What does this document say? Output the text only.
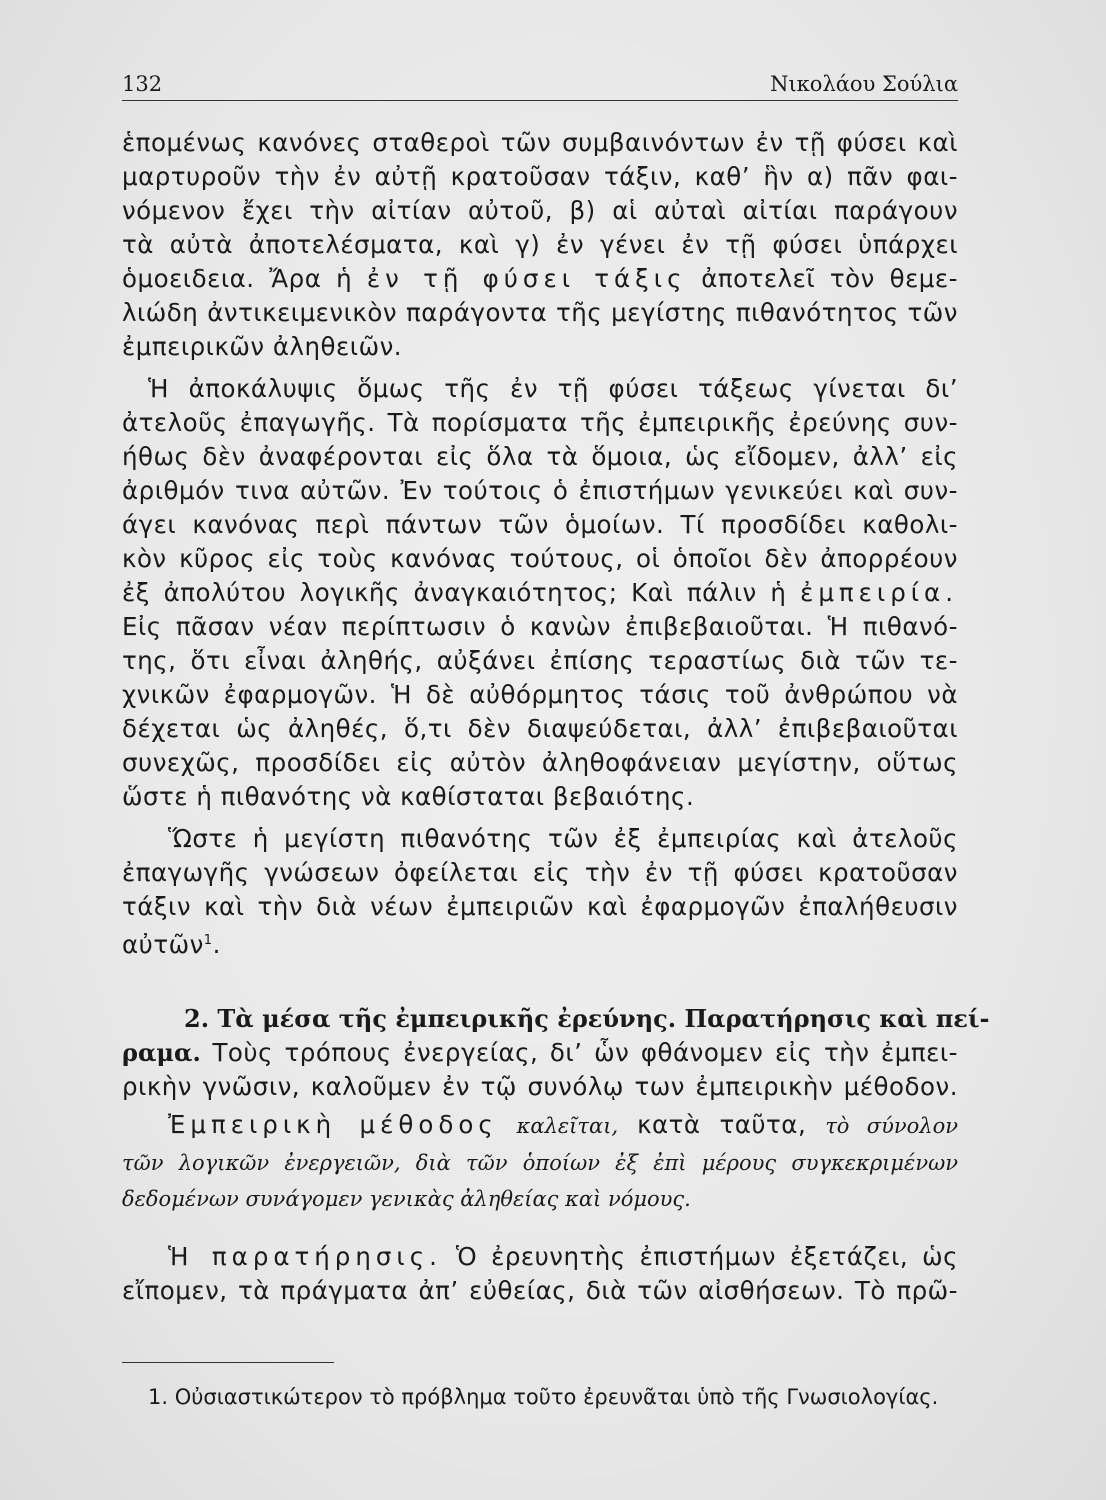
132	Νικολάου Σούλια
ἑπομένως κανόνες σταθεροὶ τῶν συμβαινόντων ἐν τῇ φύσει καὶ
μαρτυροῦν τὴν ἐν αὐτῇ κρατοῦσαν τάξιν, καθ’ ἣν α) πᾶν φαι-
νόμενον ἔχει τὴν αἰτίαν αὐτοῦ, β) αἱ αὐταὶ αἰτίαι παράγουν
τὰ αὐτὰ ἀποτελέσματα, καὶ γ) ἐν γένει ἐν τῇ φύσει ὑπάρχει
ὁμοειδεια. Ἄρα ἡ ἐν τῇ φύσει τάξις ἀποτελεῖ τὸν θεμε-
λιώδη ἀντικειμενικὸν παράγοντα τῆς μεγίστης πιθανότητος τῶν
ἐμπειρικῶν ἀληθειῶν.
Ἡ ἀποκάλυψις ὅμως τῆς ἐν τῇ φύσει τάξεως γίνεται δι’
ἀτελοῦς ἐπαγωγῆς. Τὰ πορίσματα τῆς ἐμπειρικῆς ἐρεύνης συν-
ήθως δὲν ἀναφέρονται εἰς ὅλα τὰ ὅμοια, ὡς εἴδομεν, ἀλλ’ εἰς
ἀριθμόν τινα αὐτῶν. Ἐν τούτοις ὁ ἐπιστήμων γενικεύει καὶ συν-
άγει κανόνας περὶ πάντων τῶν ὁμοίων. Τί προσδίδει καθολι-
κὸν κῦρος εἰς τοὺς κανόνας τούτους, οἱ ὁποῖοι δὲν ἀπορρέουν
ἐξ ἀπολύτου λογικῆς ἀναγκαιότητος; Καὶ πάλιν ἡ ἐμπειρία.
Εἰς πᾶσαν νέαν περίπτωσιν ὁ κανὼν ἐπιβεβαιοῦται. Ἡ πιθανό-
της, ὅτι εἶναι ἀληθής, αὐξάνει ἐπίσης τεραστίως διὰ τῶν τε-
χνικῶν ἐφαρμογῶν. Ἡ δὲ αὐθόρμητος τάσις τοῦ ἀνθρώπου νὰ
δέχεται ὡς ἀληθές, ὅ,τι δὲν διαψεύδεται, ἀλλ’ ἐπιβεβαιοῦται
συνεχῶς, προσδίδει εἰς αὐτὸν ἀληθοφάνειαν μεγίστην, οὕτως
ὥστε ἡ πιθανότης νὰ καθίσταται βεβαιότης.
Ὥστε ἡ μεγίστη πιθανότης τῶν ἐξ ἐμπειρίας καὶ ἀτελοῦς
ἐπαγωγῆς γνώσεων ὀφείλεται εἰς τὴν ἐν τῇ φύσει κρατοῦσαν
τάξιν καὶ τὴν διὰ νέων ἐμπειριῶν καὶ ἐφαρμογῶν ἐπαλήθευσιν
αὐτῶν$^1$.
2. Τὰ μέσα τῆς ἐμπειρικῆς ἐρεύνης. Παρατήρησις καὶ πεί-
ραμα. Τοὺς τρόπους ἐνεργείας, δι’ ὧν φθάνομεν εἰς τὴν ἐμπει-
ρικὴν γνῶσιν, καλοῦμεν ἐν τῷ συνόλῳ των ἐμπειρικὴν μέθοδον.
Ἐμπειρικὴ μέθοδος καλεῖται, κατὰ ταῦτα, τὸ σύνολον
τῶν λογικῶν ἐνεργειῶν, διὰ τῶν ὁποίων ἐξ ἐπὶ μέρους συγκεκριμένων
δεδομένων συνάγομεν γενικὰς ἀληθείας καὶ νόμους.
Ἡ παρατήρησις. Ὁ ἐρευνητὴς ἐπιστήμων ἐξετάζει, ὡς
εἴπομεν, τὰ πράγματα ἀπ’ εὐθείας, διὰ τῶν αἰσθήσεων. Τὸ πρῶ-
1. Οὐσιαστικώτερον τὸ πρόβλημα τοῦτο ἐρευνᾶται ὑπὸ τῆς Γνωσιολογίας.
